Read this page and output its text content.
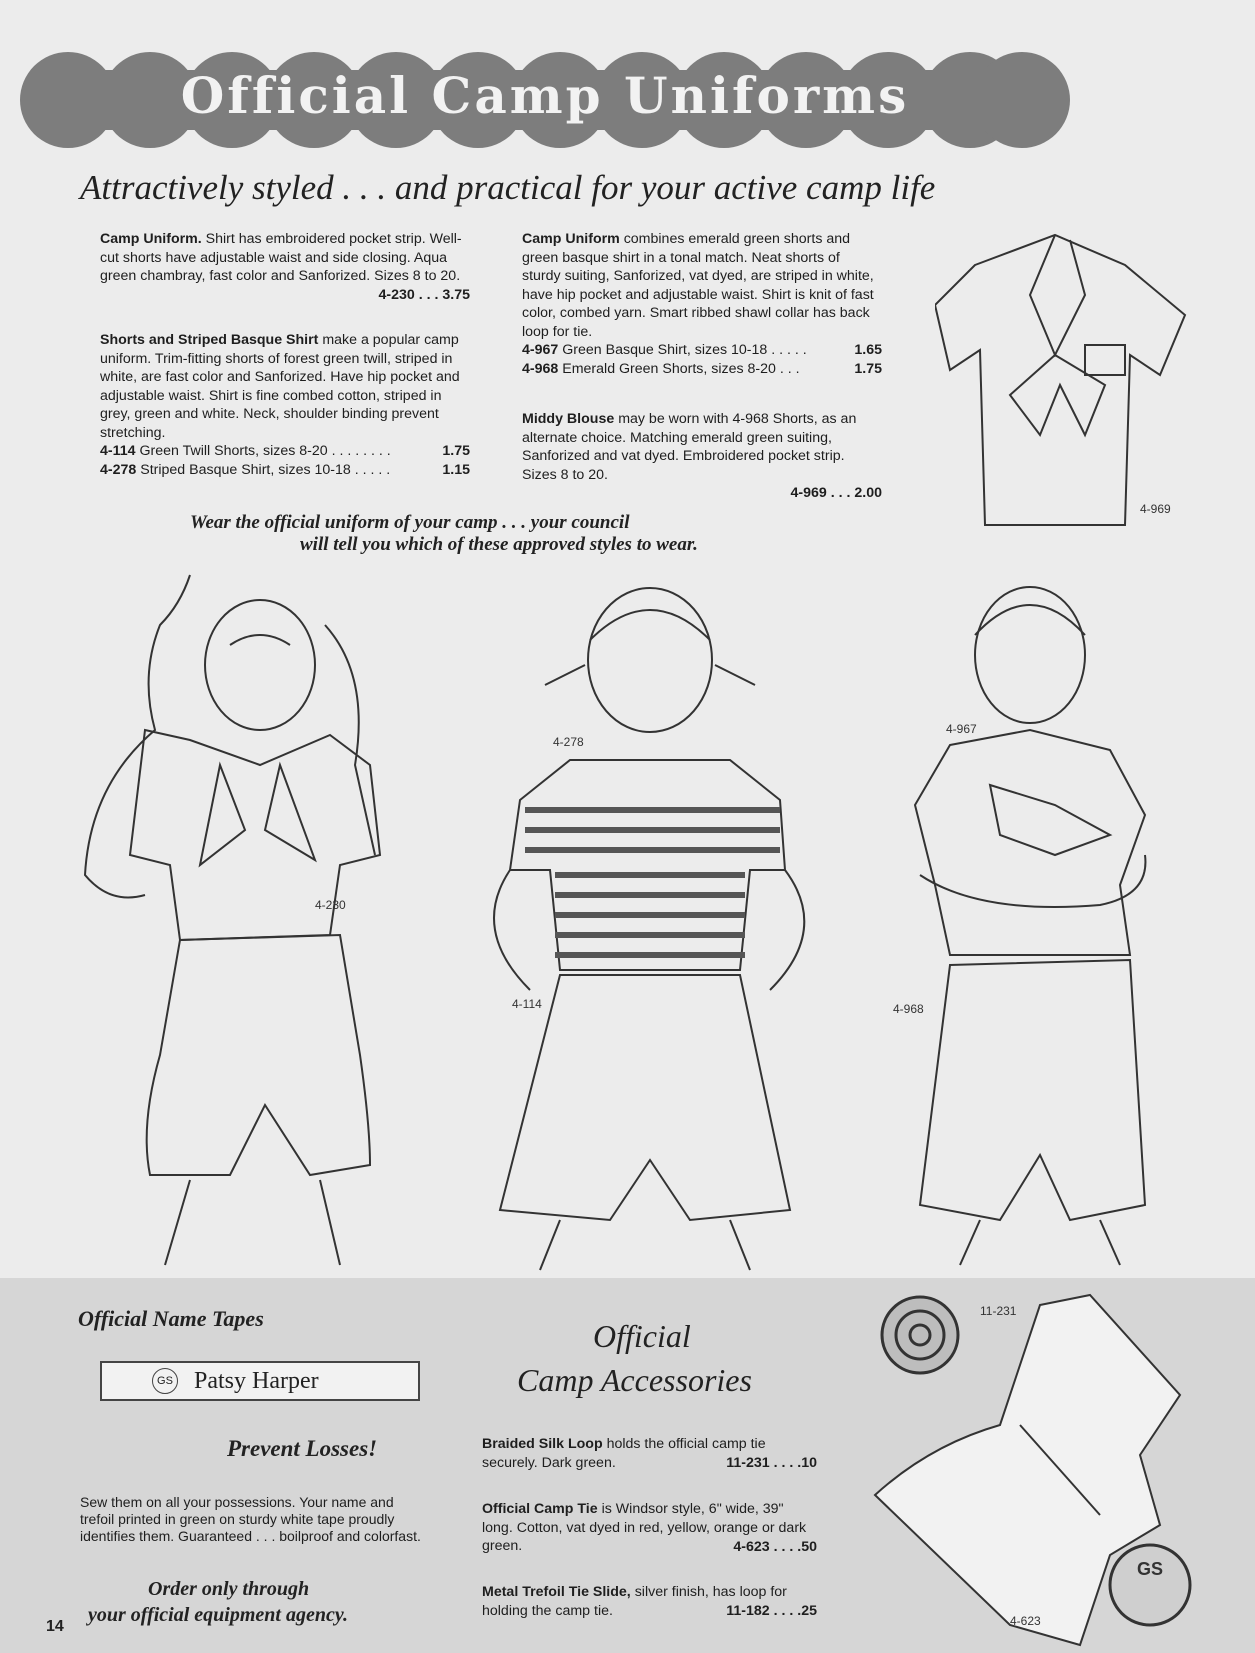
Official Camp Uniforms
Attractively styled . . . and practical for your active camp life
Camp Uniform. Shirt has embroidered pocket strip. Well-cut shorts have adjustable waist and side closing. Aqua green chambray, fast color and Sanforized. Sizes 8 to 20.
4-230 . . . 3.75
Shorts and Striped Basque Shirt make a popular camp uniform. Trim-fitting shorts of forest green twill, striped in white, are fast color and Sanforized. Have hip pocket and adjustable waist. Shirt is fine combed cotton, striped in grey, green and white. Neck, shoulder binding prevent stretching.
4-114 Green Twill Shorts, sizes 8-20 . . . . . . . .	1.75
4-278 Striped Basque Shirt, sizes 10-18 . . . . .	1.15
Camp Uniform combines emerald green shorts and green basque shirt in a tonal match. Neat shorts of sturdy suiting, Sanforized, vat dyed, are striped in white, have hip pocket and adjustable waist. Shirt is knit of fast color, combed yarn. Smart ribbed shawl collar has back loop for tie.
4-967 Green Basque Shirt, sizes 10-18 . . . . .	1.65
4-968 Emerald Green Shorts, sizes 8-20 . . .	1.75
Middy Blouse may be worn with 4-968 Shorts, as an alternate choice. Matching emerald green suiting, Sanforized and vat dyed. Embroidered pocket strip. Sizes 8 to 20.
4-969 . . . 2.00
4-969
Wear the official uniform of your camp . . . your council
will tell you which of these approved styles to wear.
4-230
4-278
4-114
4-967
4-968
Official Name Tapes
GS Patsy Harper
Prevent Losses!
Sew them on all your possessions. Your name and trefoil printed in green on sturdy white tape proudly identifies them. Guaranteed . . . boilproof and colorfast.
Order only through
your official equipment agency.
Official
Camp Accessories
Braided Silk Loop holds the official camp tie securely. Dark green.	11-231 . . . .10
Official Camp Tie is Windsor style, 6" wide, 39" long. Cotton, vat dyed in red, yellow, orange or dark green.	4-623 . . . .50
Metal Trefoil Tie Slide, silver finish, has loop for holding the camp tie.	11-182 . . . .25
GS
11-231
4-623
14
